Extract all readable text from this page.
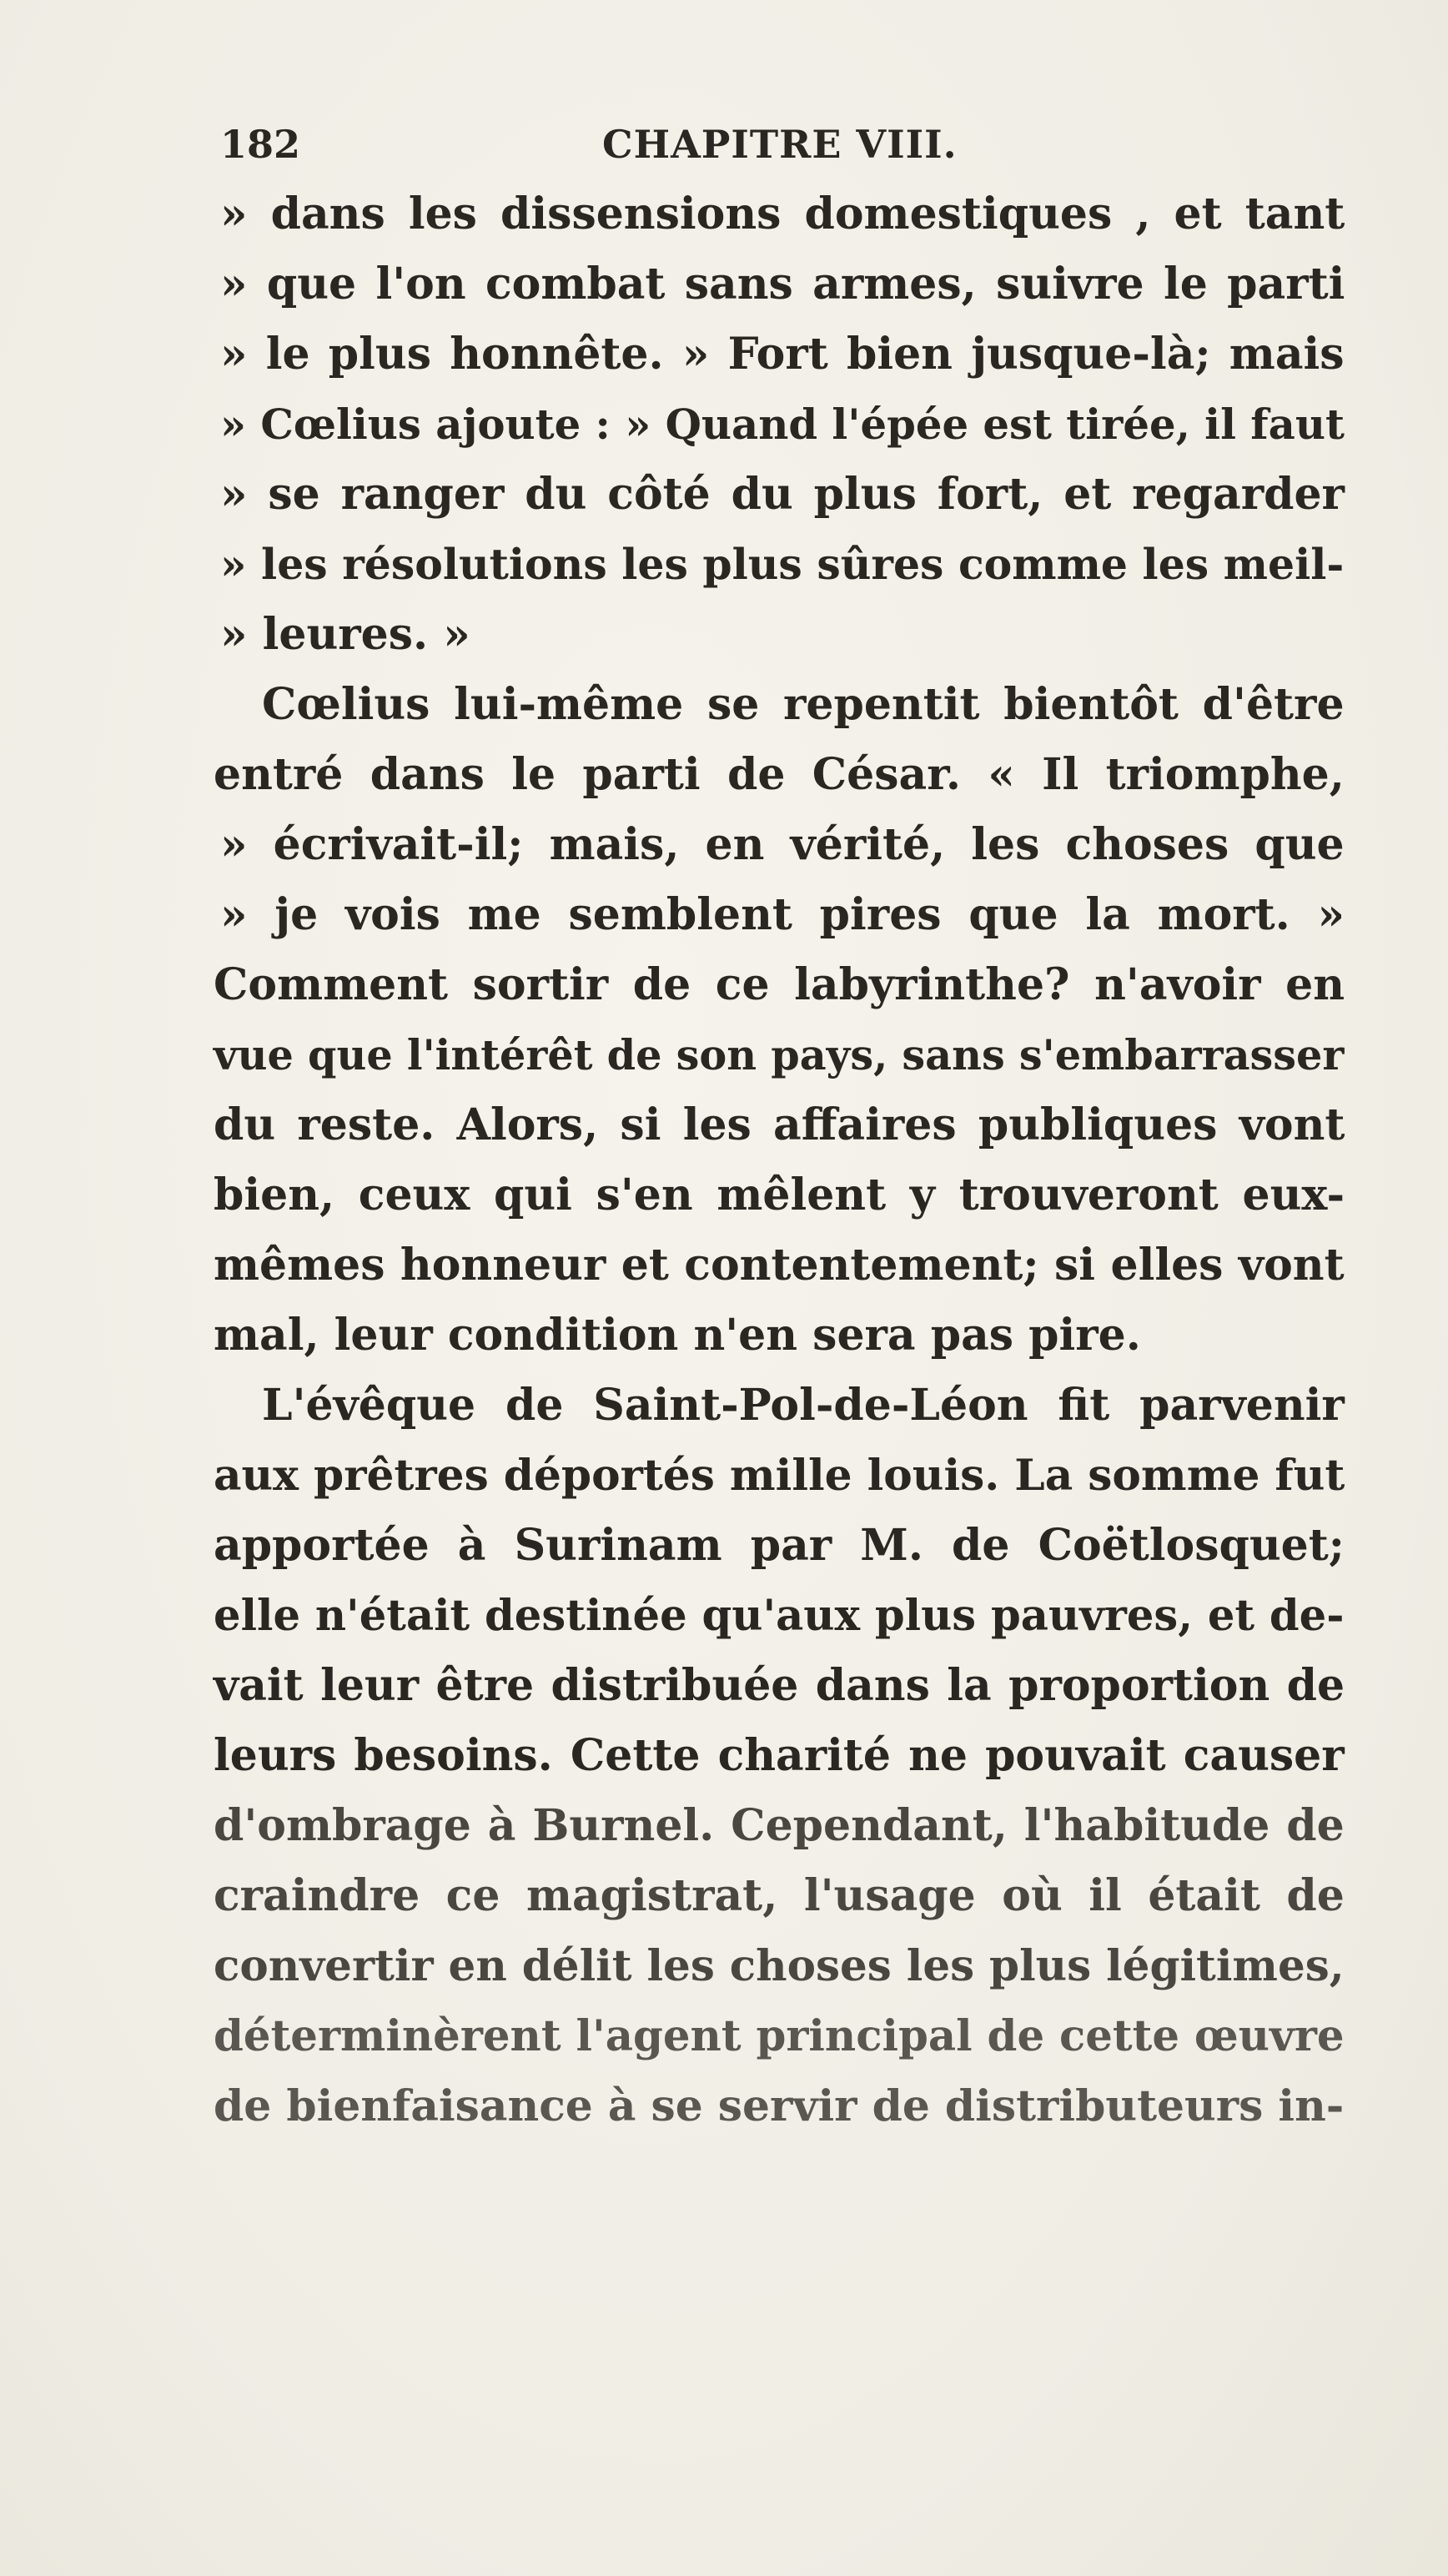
182	CHAPITRE VIII.
» dans les dissensions domestiques , et tant
» que l'on combat sans armes, suivre le parti
» le plus honnête. » Fort bien jusque-là; mais
» Cœlius ajoute : » Quand l'épée est tirée, il faut
» se ranger du côté du plus fort, et regarder
» les résolutions les plus sûres comme les meil-
» leures. »
Cœlius lui-même se repentit bientôt d'être
entré dans le parti de César. « Il triomphe,
» écrivait-il; mais, en vérité, les choses que
» je vois me semblent pires que la mort. »
Comment sortir de ce labyrinthe? n'avoir en
vue que l'intérêt de son pays, sans s'embarrasser
du reste. Alors, si les affaires publiques vont
bien, ceux qui s'en mêlent y trouveront eux-
mêmes honneur et contentement; si elles vont
mal, leur condition n'en sera pas pire.
L'évêque de Saint-Pol-de-Léon fit parvenir
aux prêtres déportés mille louis. La somme fut
apportée à Surinam par M. de Coëtlosquet;
elle n'était destinée qu'aux plus pauvres, et de-
vait leur être distribuée dans la proportion de
leurs besoins. Cette charité ne pouvait causer
d'ombrage à Burnel. Cependant, l'habitude de
craindre ce magistrat, l'usage où il était de
convertir en délit les choses les plus légitimes,
déterminèrent l'agent principal de cette œuvre
de bienfaisance à se servir de distributeurs in-
